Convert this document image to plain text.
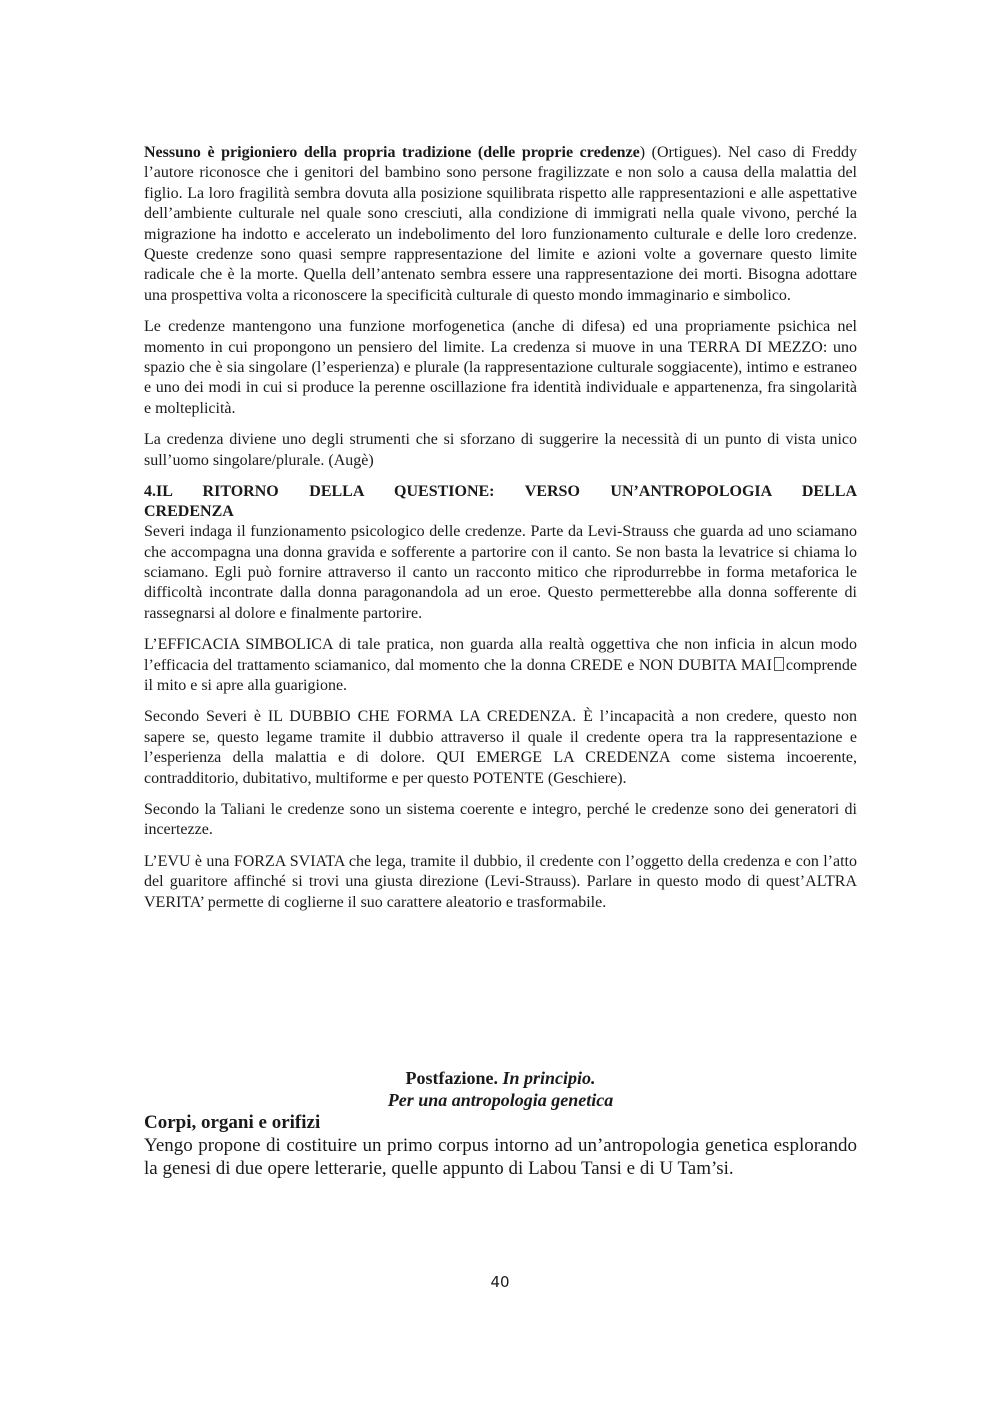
Nessuno è prigioniero della propria tradizione (delle proprie credenze) (Ortigues). Nel caso di Freddy l’autore riconosce che i genitori del bambino sono persone fragilizzate e non solo a causa della malattia del figlio. La loro fragilità sembra dovuta alla posizione squilibrata rispetto alle rappresentazioni e alle aspettative dell’ambiente culturale nel quale sono cresciuti, alla condizione di immigrati nella quale vivono, perché la migrazione ha indotto e accelerato un indebolimento del loro funzionamento culturale e delle loro credenze. Queste credenze sono quasi sempre rappresentazione del limite e azioni volte a governare questo limite radicale che è la morte. Quella dell’antenato sembra essere una rappresentazione dei morti. Bisogna adottare una prospettiva volta a riconoscere la specificità culturale di questo mondo immaginario e simbolico.

Le credenze mantengono una funzione morfogenetica (anche di difesa) ed una propriamente psichica nel momento in cui propongono un pensiero del limite. La credenza si muove in una TERRA DI MEZZO: uno spazio che è sia singolare (l’esperienza) e plurale (la rappresentazione culturale soggiacente), intimo e estraneo e uno dei modi in cui si produce la perenne oscillazione fra identità individuale e appartenenza, fra singolarità e molteplicità.

La credenza diviene uno degli strumenti che si sforzano di suggerire la necessità di un punto di vista unico sull’uomo singolare/plurale. (Augè)

4.IL RITORNO DELLA QUESTIONE: VERSO UN’ANTROPOLOGIA DELLA

CREDENZA

Severi indaga il funzionamento psicologico delle credenze. Parte da Levi-Strauss che guarda ad uno sciamano che accompagna una donna gravida e sofferente a partorire con il canto. Se non basta la levatrice si chiama lo sciamano. Egli può fornire attraverso il canto un racconto mitico che riprodurrebbe in forma metaforica le difficoltà incontrate dalla donna paragonandola ad un eroe. Questo permetterebbe alla donna sofferente di rassegnarsi al dolore e finalmente partorire.

L’EFFICACIA SIMBOLICA di tale pratica, non guarda alla realtà oggettiva che non inficia in alcun modo l’efficacia del trattamento sciamanico, dal momento che la donna CREDE e NON DUBITA MAI comprende il mito e si apre alla guarigione.

Secondo Severi è IL DUBBIO CHE FORMA LA CREDENZA. È l’incapacità a non credere, questo non sapere se, questo legame tramite il dubbio attraverso il quale il credente opera tra la rappresentazione e l’esperienza della malattia e di dolore. QUI EMERGE LA CREDENZA come sistema incoerente, contradditorio, dubitativo, multiforme e per questo POTENTE (Geschiere).

Secondo la Taliani le credenze sono un sistema coerente e integro, perché le credenze sono dei generatori di incertezze.

L’EVU è una FORZA SVIATA che lega, tramite il dubbio, il credente con l’oggetto della credenza e con l’atto del guaritore affinché si trovi una giusta direzione (Levi-Strauss). Parlare in questo modo di quest’ALTRA VERITA’ permette di coglierne il suo carattere aleatorio e trasformabile.

Postfazione. In principio.

Per una antropologia genetica

Corpi, organi e orifizi

Yengo propone di costituire un primo corpus intorno ad un’antropologia genetica esplorando la genesi di due opere letterarie, quelle appunto di Labou Tansi e di U Tam’si.

40
